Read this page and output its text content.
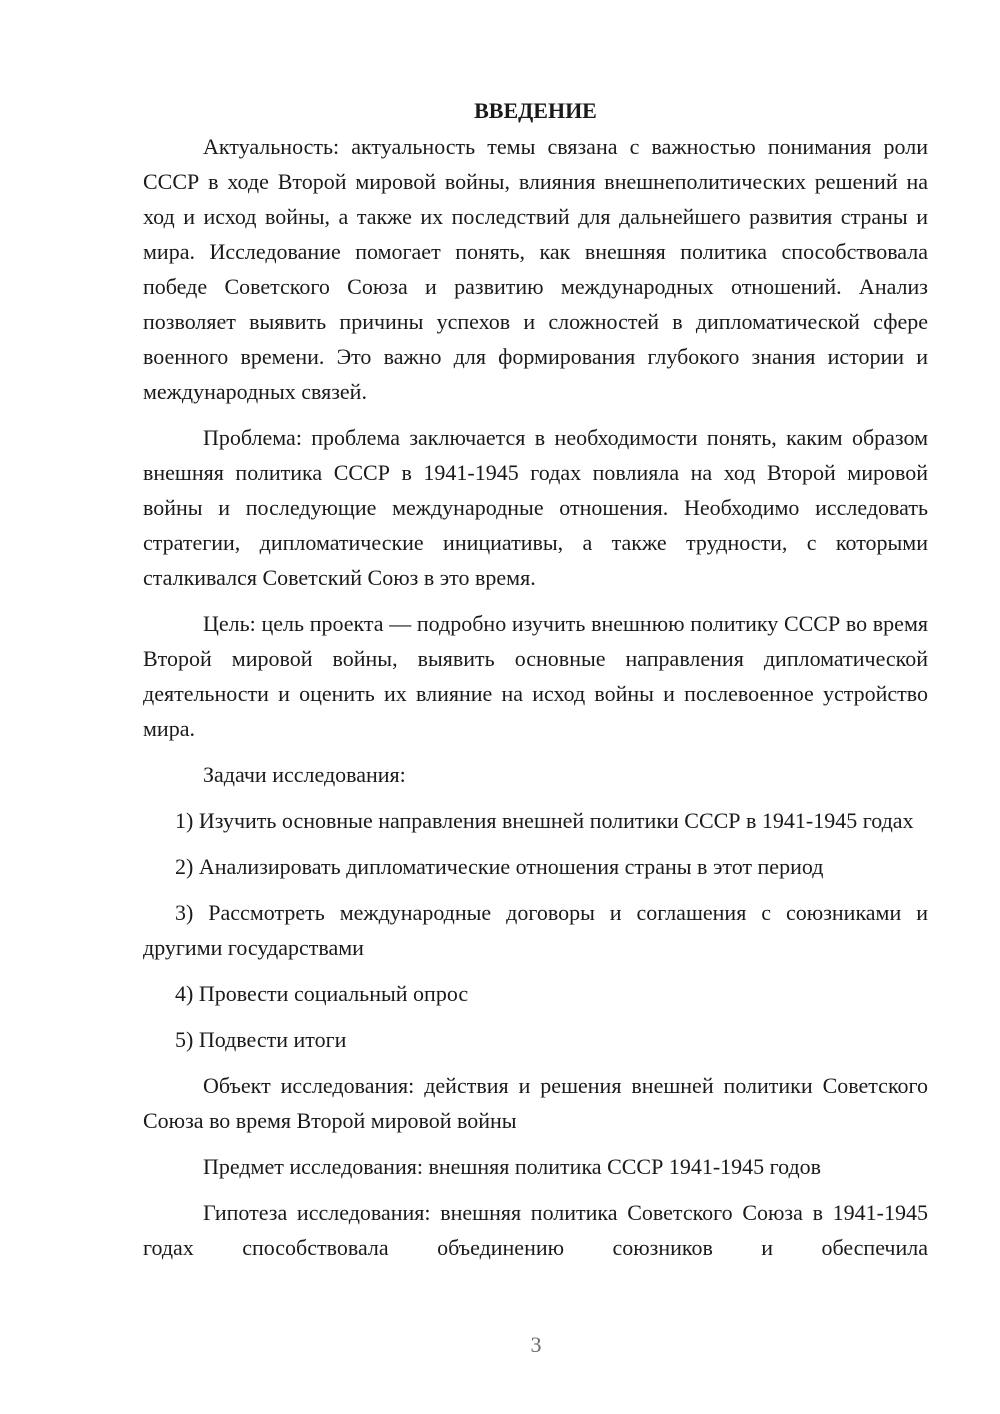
ВВЕДЕНИЕ

Актуальность: актуальность темы связана с важностью понимания роли СССР в ходе Второй мировой войны, влияния внешнеполитических решений на ход и исход войны, а также их последствий для дальнейшего развития страны и мира. Исследование помогает понять, как внешняя политика способствовала победе Советского Союза и развитию международных отношений. Анализ позволяет выявить причины успехов и сложностей в дипломатической сфере военного времени. Это важно для формирования глубокого знания истории и международных связей.

Проблема: проблема заключается в необходимости понять, каким образом внешняя политика СССР в 1941-1945 годах повлияла на ход Второй мировой войны и последующие международные отношения. Необходимо исследовать стратегии, дипломатические инициативы, а также трудности, с которыми сталкивался Советский Союз в это время.

Цель: цель проекта — подробно изучить внешнюю политику СССР во время Второй мировой войны, выявить основные направления дипломатической деятельности и оценить их влияние на исход войны и послевоенное устройство мира.

Задачи исследования:

1) Изучить основные направления внешней политики СССР в 1941-1945 годах

2) Анализировать дипломатические отношения страны в этот период

3) Рассмотреть международные договоры и соглашения с союзниками и другими государствами

4) Провести социальный опрос

5) Подвести итоги

Объект исследования: действия и решения внешней политики Советского Союза во время Второй мировой войны

Предмет исследования: внешняя политика СССР 1941-1945 годов

Гипотеза исследования: внешняя политика Советского Союза в 1941-1945 годах способствовала объединению союзников и обеспечила

3
